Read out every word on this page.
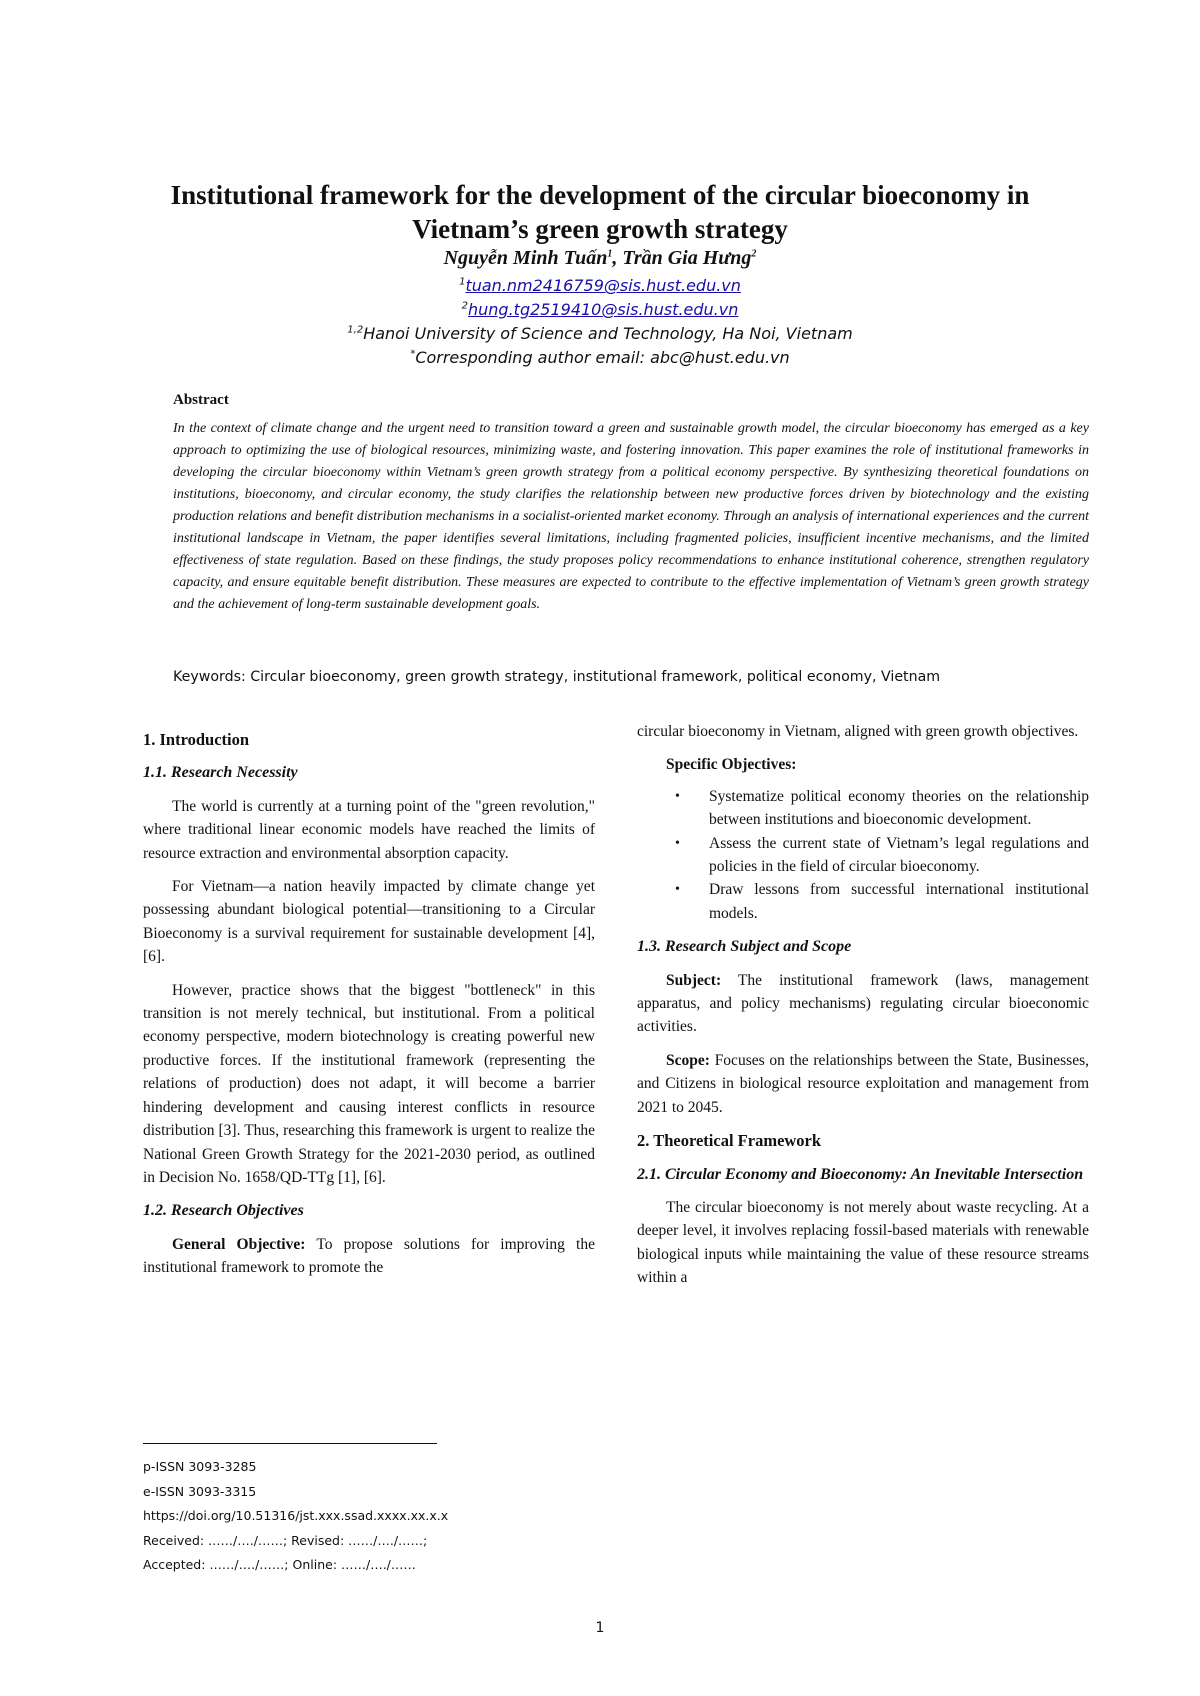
Institutional framework for the development of the circular bioeconomy in
Vietnam’s green growth strategy
Nguyễn Minh Tuấn$^1$, Trần Gia Hưng$^2$
$^1$tuan.nm2416759@sis.hust.edu.vn
$^2$hung.tg2519410@sis.hust.edu.vn
$^{1,2}$Hanoi University of Science and Technology, Ha Noi, Vietnam
*Corresponding author email: abc@hust.edu.vn
Abstract

In the context of climate change and the urgent need to transition toward a green and sustainable growth model, the circular bioeconomy has emerged as a key approach to optimizing the use of biological resources, minimizing waste, and fostering innovation. This paper examines the role of institutional frameworks in developing the circular bioeconomy within Vietnam’s green growth strategy from a political economy perspective. By synthesizing theoretical foundations on institutions, bioeconomy, and circular economy, the study clarifies the relationship between new productive forces driven by biotechnology and the existing production relations and benefit distribution mechanisms in a socialist-oriented market economy. Through an analysis of international experiences and the current institutional landscape in Vietnam, the paper identifies several limitations, including fragmented policies, insufficient incentive mechanisms, and the limited effectiveness of state regulation. Based on these findings, the study proposes policy recommendations to enhance institutional coherence, strengthen regulatory capacity, and ensure equitable benefit distribution. These measures are expected to contribute to the effective implementation of Vietnam’s green growth strategy and the achievement of long-term sustainable development goals.

Keywords: Circular bioeconomy, green growth strategy, institutional framework, political economy, Vietnam

1. Introduction

1.1. Research Necessity

The world is currently at a turning point of the "green revolution," where traditional linear economic models have reached the limits of resource extraction and environmental absorption capacity.

For Vietnam—a nation heavily impacted by climate change yet possessing abundant biological potential—transitioning to a Circular Bioeconomy is a survival requirement for sustainable development [4], [6].

However, practice shows that the biggest "bottleneck" in this transition is not merely technical, but institutional. From a political economy perspective, modern biotechnology is creating powerful new productive forces. If the institutional framework (representing the relations of production) does not adapt, it will become a barrier hindering development and causing interest conflicts in resource distribution [3]. Thus, researching this framework is urgent to realize the National Green Growth Strategy for the 2021-2030 period, as outlined in Decision No. 1658/QD-TTg [1], [6].

1.2. Research Objectives

General Objective: To propose solutions for improving the institutional framework to promote the

circular bioeconomy in Vietnam, aligned with green growth objectives.

Specific Objectives:

• Systematize political economy theories on the relationship between institutions and bioeconomic development.
• Assess the current state of Vietnam’s legal regulations and policies in the field of circular bioeconomy.
• Draw lessons from successful international institutional models.

1.3. Research Subject and Scope

Subject: The institutional framework (laws, management apparatus, and policy mechanisms) regulating circular bioeconomic activities.

Scope: Focuses on the relationships between the State, Businesses, and Citizens in biological resource exploitation and management from 2021 to 2045.

2. Theoretical Framework

2.1. Circular Economy and Bioeconomy: An Inevitable Intersection

The circular bioeconomy is not merely about waste recycling. At a deeper level, it involves replacing fossil-based materials with renewable biological inputs while maintaining the value of these resource streams within a

p-ISSN 3093-3285
e-ISSN 3093-3315
https://doi.org/10.51316/jst.xxx.ssad.xxxx.xx.x.x
Received: ……/…./……; Revised: ……/…./……;
Accepted: ……/…./……; Online: ……/…./……
1
